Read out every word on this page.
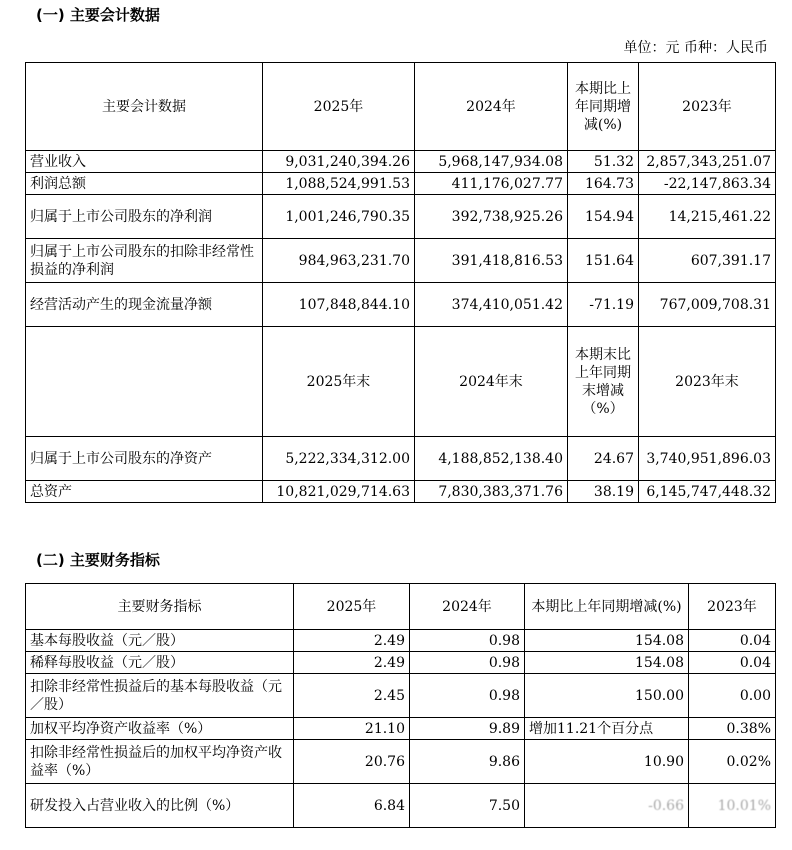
(一) 主要会计数据
单位：元 币种：人民币
主要会计数据	2025年	2024年	本期比上年同期增减(%)	2023年
营业收入	9,031,240,394.26	5,968,147,934.08	51.32	2,857,343,251.07
利润总额	1,088,524,991.53	411,176,027.77	164.73	-22,147,863.34
归属于上市公司股东的净利润	1,001,246,790.35	392,738,925.26	154.94	14,215,461.22
归属于上市公司股东的扣除非经常性损益的净利润	984,963,231.70	391,418,816.53	151.64	607,391.17
经营活动产生的现金流量净额	107,848,844.10	374,410,051.42	-71.19	767,009,708.31
	2025年末	2024年末	本期末比上年同期末增减（%）	2023年末
归属于上市公司股东的净资产	5,222,334,312.00	4,188,852,138.40	24.67	3,740,951,896.03
总资产	10,821,029,714.63	7,830,383,371.76	38.19	6,145,747,448.32
(二) 主要财务指标
主要财务指标	2025年	2024年	本期比上年同期增减(%)	2023年
基本每股收益（元／股）	2.49	0.98	154.08	0.04
稀释每股收益（元／股）	2.49	0.98	154.08	0.04
扣除非经常性损益后的基本每股收益（元／股）	2.45	0.98	150.00	0.00
加权平均净资产收益率（%）	21.10	9.89	增加11.21个百分点	0.38%
扣除非经常性损益后的加权平均净资产收益率（%）	20.76	9.86	10.90	0.02%
研发投入占营业收入的比例（%）	6.84	7.50	-0.66	10.01%
